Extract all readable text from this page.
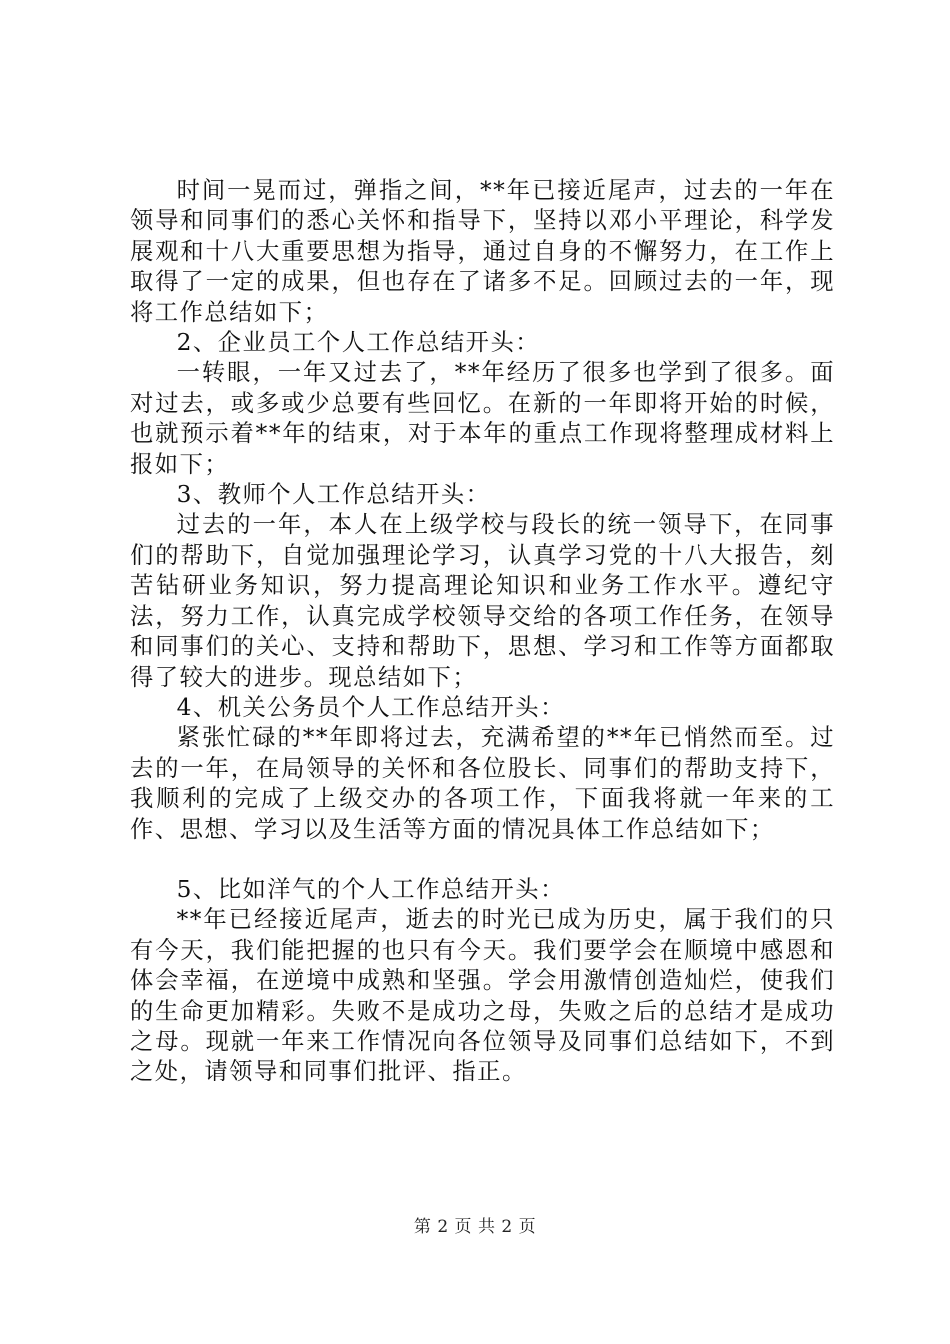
时间一晃而过，弹指之间，**年已接近尾声，过去的一年在领导和同事们的悉心关怀和指导下，坚持以邓小平理论，科学发展观和十八大重要思想为指导，通过自身的不懈努力，在工作上取得了一定的成果，但也存在了诸多不足。回顾过去的一年，现将工作总结如下；

2、企业员工个人工作总结开头：

一转眼，一年又过去了，**年经历了很多也学到了很多。面对过去，或多或少总要有些回忆。在新的一年即将开始的时候，也就预示着**年的结束，对于本年的重点工作现将整理成材料上报如下；

3、教师个人工作总结开头：

过去的一年，本人在上级学校与段长的统一领导下，在同事们的帮助下，自觉加强理论学习，认真学习党的十八大报告，刻苦钻研业务知识，努力提高理论知识和业务工作水平。遵纪守法，努力工作，认真完成学校领导交给的各项工作任务，在领导和同事们的关心、支持和帮助下，思想、学习和工作等方面都取得了较大的进步。现总结如下；

4、机关公务员个人工作总结开头：

紧张忙碌的**年即将过去，充满希望的**年已悄然而至。过去的一年，在局领导的关怀和各位股长、同事们的帮助支持下，我顺利的完成了上级交办的各项工作，下面我将就一年来的工作、思想、学习以及生活等方面的情况具体工作总结如下；

5、比如洋气的个人工作总结开头：

**年已经接近尾声，逝去的时光已成为历史，属于我们的只有今天，我们能把握的也只有今天。我们要学会在顺境中感恩和体会幸福，在逆境中成熟和坚强。学会用激情创造灿烂，使我们的生命更加精彩。失败不是成功之母，失败之后的总结才是成功之母。现就一年来工作情况向各位领导及同事们总结如下，不到之处，请领导和同事们批评、指正。

第 2 页 共 2 页
